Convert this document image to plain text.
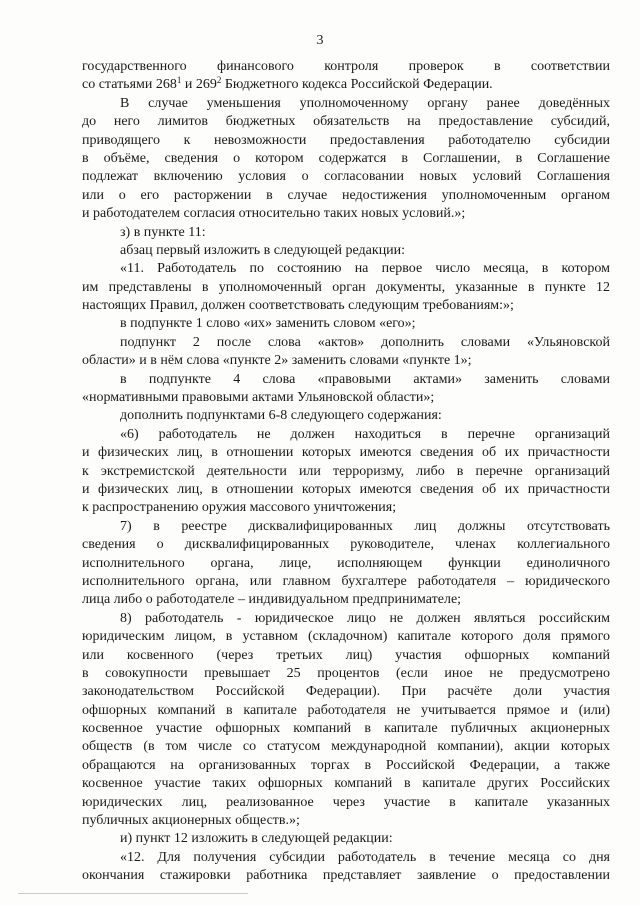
3
государственного финансового контроля проверок в соответствии
со статьями $268^1$ и $269^2$ Бюджетного кодекса Российской Федерации.
В случае уменьшения уполномоченному органу ранее доведённых
до него лимитов бюджетных обязательств на предоставление субсидий,
приводящего к невозможности предоставления работодателю субсидии
в объёме, сведения о котором содержатся в Соглашении, в Соглашение
подлежат включению условия о согласовании новых условий Соглашения
или о его расторжении в случае недостижения уполномоченным органом
и работодателем согласия относительно таких новых условий.»;
з) в пункте 11:
абзац первый изложить в следующей редакции:
«11. Работодатель по состоянию на первое число месяца, в котором
им представлены в уполномоченный орган документы, указанные в пункте 12
настоящих Правил, должен соответствовать следующим требованиям:»;
в подпункте 1 слово «их» заменить словом «его»;
подпункт 2 после слова «актов» дополнить словами «Ульяновской
области» и в нём слова «пункте 2» заменить словами «пункте 1»;
в подпункте 4 слова «правовыми актами» заменить словами
«нормативными правовыми актами Ульяновской области»;
дополнить подпунктами 6-8 следующего содержания:
«6) работодатель не должен находиться в перечне организаций
и физических лиц, в отношении которых имеются сведения об их причастности
к экстремистской деятельности или терроризму, либо в перечне организаций
и физических лиц, в отношении которых имеются сведения об их причастности
к распространению оружия массового уничтожения;
7) в реестре дисквалифицированных лиц должны отсутствовать
сведения о дисквалифицированных руководителе, членах коллегиального
исполнительного органа, лице, исполняющем функции единоличного
исполнительного органа, или главном бухгалтере работодателя – юридического
лица либо о работодателе – индивидуальном предпринимателе;
8) работодатель - юридическое лицо не должен являться российским
юридическим лицом, в уставном (складочном) капитале которого доля прямого
или косвенного (через третьих лиц) участия офшорных компаний
в совокупности превышает 25 процентов (если иное не предусмотрено
законодательством Российской Федерации). При расчёте доли участия
офшорных компаний в капитале работодателя не учитывается прямое и (или)
косвенное участие офшорных компаний в капитале публичных акционерных
обществ (в том числе со статусом международной компании), акции которых
обращаются на организованных торгах в Российской Федерации, а также
косвенное участие таких офшорных компаний в капитале других Российских
юридических лиц, реализованное через участие в капитале указанных
публичных акционерных обществ.»;
и) пункт 12 изложить в следующей редакции:
«12. Для получения субсидии работодатель в течение месяца со дня
окончания стажировки работника представляет заявление о предоставлении
